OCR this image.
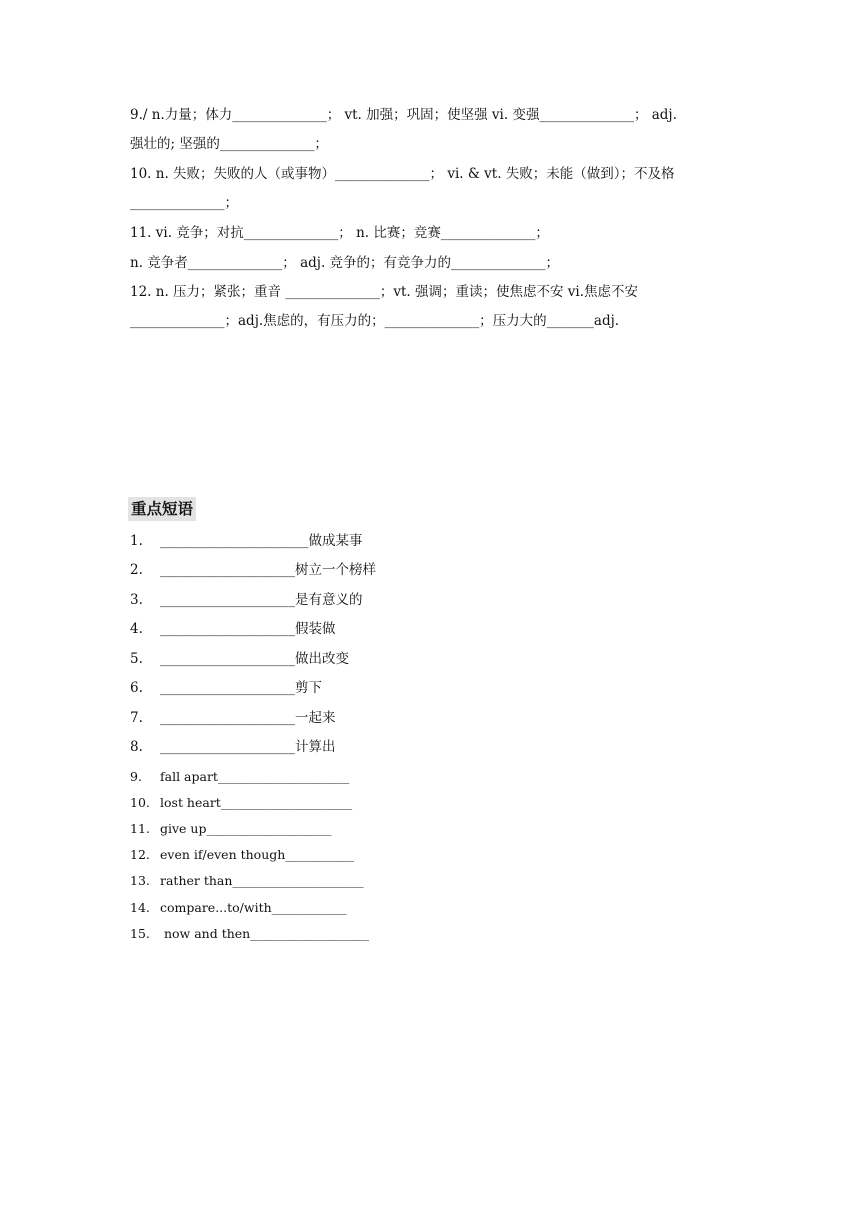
9./ n.力量；体力______________； vt. 加强；巩固；使坚强 vi. 变强______________； adj.
强壮的; 坚强的______________；
10. n. 失败；失败的人（或事物）______________； vi. & vt. 失败；未能（做到）；不及格
______________；
11. vi. 竞争；对抗______________； n. 比赛；竞赛______________；
n. 竞争者______________； adj. 竞争的；有竞争力的______________；
12. n. 压力；紧张；重音 ______________；vt. 强调；重读；使焦虑不安 vi.焦虑不安
______________；adj.焦虑的，有压力的；______________；压力大的_______adj.
重点短语
1. ______________________做成某事
2. ____________________树立一个榜样
3. ____________________是有意义的
4. ____________________假装做
5. ____________________做出改变
6. ____________________剪下
7. ____________________一起来
8. ____________________计算出
9. fall apart_____________________
10. lost heart_____________________
11. give up____________________
12. even if/even though___________
13. rather than_____________________
14. compare...to/with____________
15. now and then___________________
